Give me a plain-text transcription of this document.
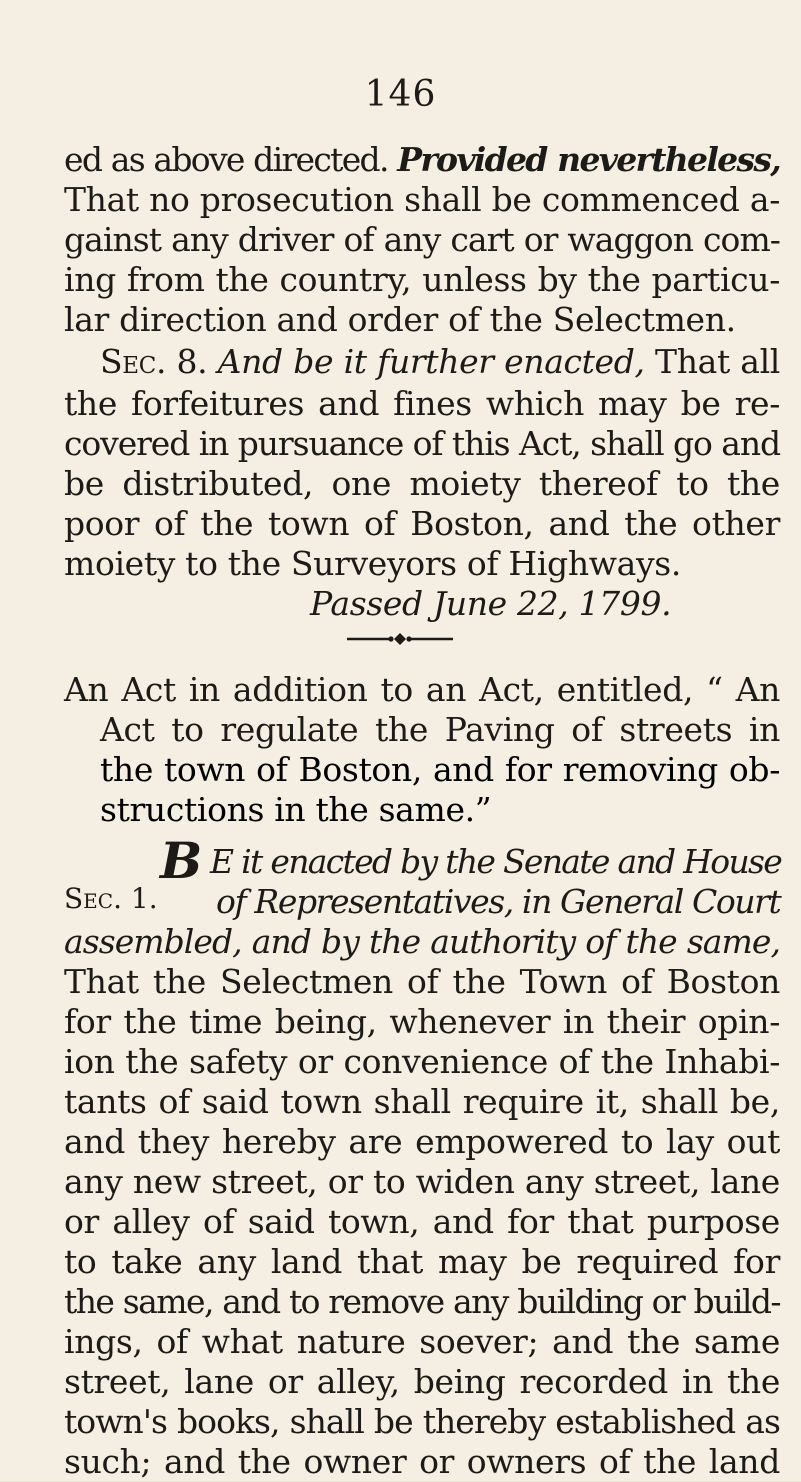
146
ed as above directed. Provided nevertheless,
That no prosecution shall be commenced a-
gainst any driver of any cart or waggon com-
ing from the country, unless by the particu-
lar direction and order of the Selectmen.
Sec. 8. And be it further enacted, That all
the forfeitures and fines which may be re-
covered in pursuance of this Act, shall go and
be distributed, one moiety thereof to the
poor of the town of Boston, and the other
moiety to the Surveyors of Highways.
Passed June 22, 1799.
An Act in addition to an Act, entitled, “ An
Act to regulate the Paving of streets in
the town of Boston, and for removing ob-
structions in the same.”
Sec. 1.
B E it enacted by the Senate and House
of Representatives, in General Court
assembled, and by the authority of the same,
That the Selectmen of the Town of Boston
for the time being, whenever in their opin-
ion the safety or convenience of the Inhabi-
tants of said town shall require it, shall be,
and they hereby are empowered to lay out
any new street, or to widen any street, lane
or alley of said town, and for that purpose
to take any land that may be required for
the same, and to remove any building or build-
ings, of what nature soever; and the same
street, lane or alley, being recorded in the
town's books, shall be thereby established as
such; and the owner or owners of the land
